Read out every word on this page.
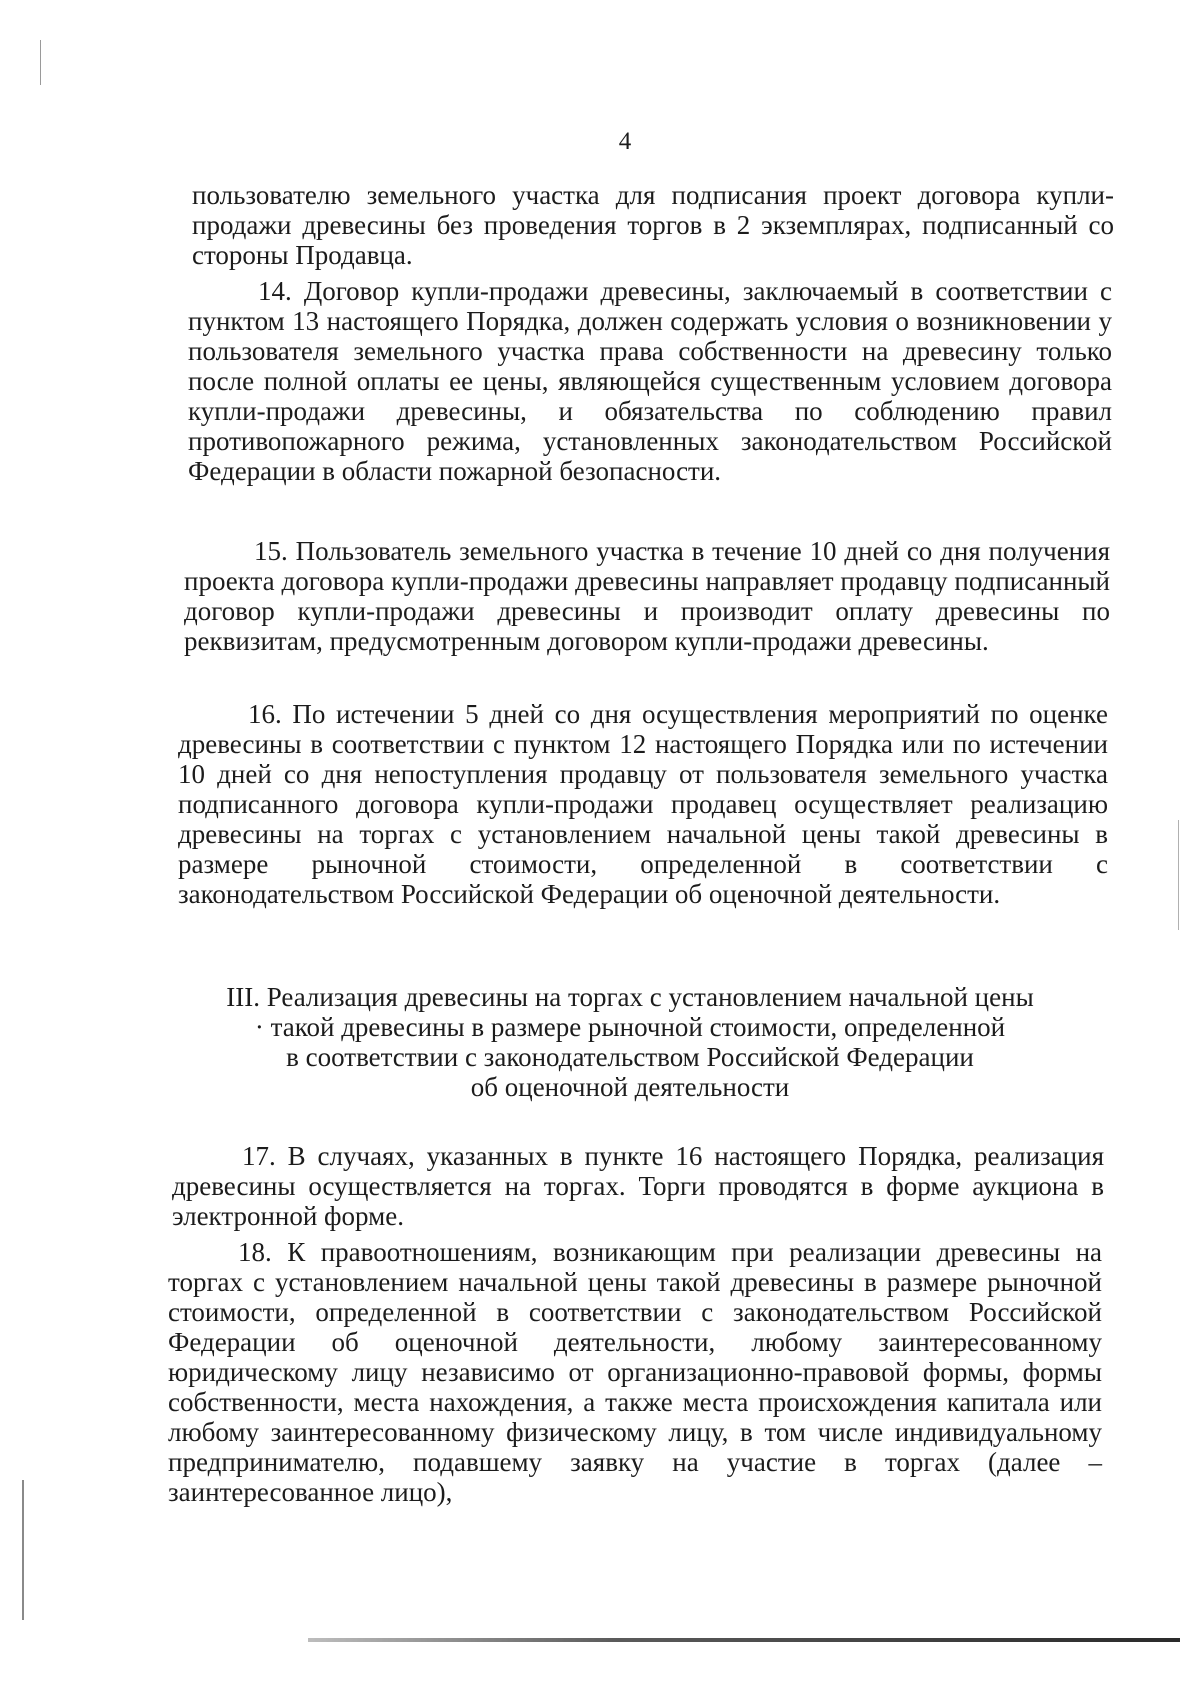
4

пользователю земельного участка для подписания проект договора купли-продажи древесины без проведения торгов в 2 экземплярах, подписанный со стороны Продавца.

14. Договор купли-продажи древесины, заключаемый в соответствии с пунктом 13 настоящего Порядка, должен содержать условия о возникновении у пользователя земельного участка права собственности на древесину только после полной оплаты ее цены, являющейся существенным условием договора купли-продажи древесины, и обязательства по соблюдению правил противопожарного режима, установленных законодательством Российской Федерации в области пожарной безопасности.

15. Пользователь земельного участка в течение 10 дней со дня получения проекта договора купли-продажи древесины направляет продавцу подписанный договор купли-продажи древесины и производит оплату древесины по реквизитам, предусмотренным договором купли-продажи древесины.

16. По истечении 5 дней со дня осуществления мероприятий по оценке древесины в соответствии с пунктом 12 настоящего Порядка или по истечении 10 дней со дня непоступления продавцу от пользователя земельного участка подписанного договора купли-продажи продавец осуществляет реализацию древесины на торгах с установлением начальной цены такой древесины в размере рыночной стоимости, определенной в соответствии с законодательством Российской Федерации об оценочной деятельности.

III. Реализация древесины на торгах с установлением начальной цены
· такой древесины в размере рыночной стоимости, определенной
в соответствии с законодательством Российской Федерации
об оценочной деятельности

17. В случаях, указанных в пункте 16 настоящего Порядка, реализация древесины осуществляется на торгах. Торги проводятся в форме аукциона в электронной форме.

18. К правоотношениям, возникающим при реализации древесины на торгах с установлением начальной цены такой древесины в размере рыночной стоимости, определенной в соответствии с законодательством Российской Федерации об оценочной деятельности, любому заинтересованному юридическому лицу независимо от организационно-правовой формы, формы собственности, места нахождения, а также места происхождения капитала или любому заинтересованному физическому лицу, в том числе индивидуальному предпринимателю, подавшему заявку на участие в торгах (далее – заинтересованное лицо),
